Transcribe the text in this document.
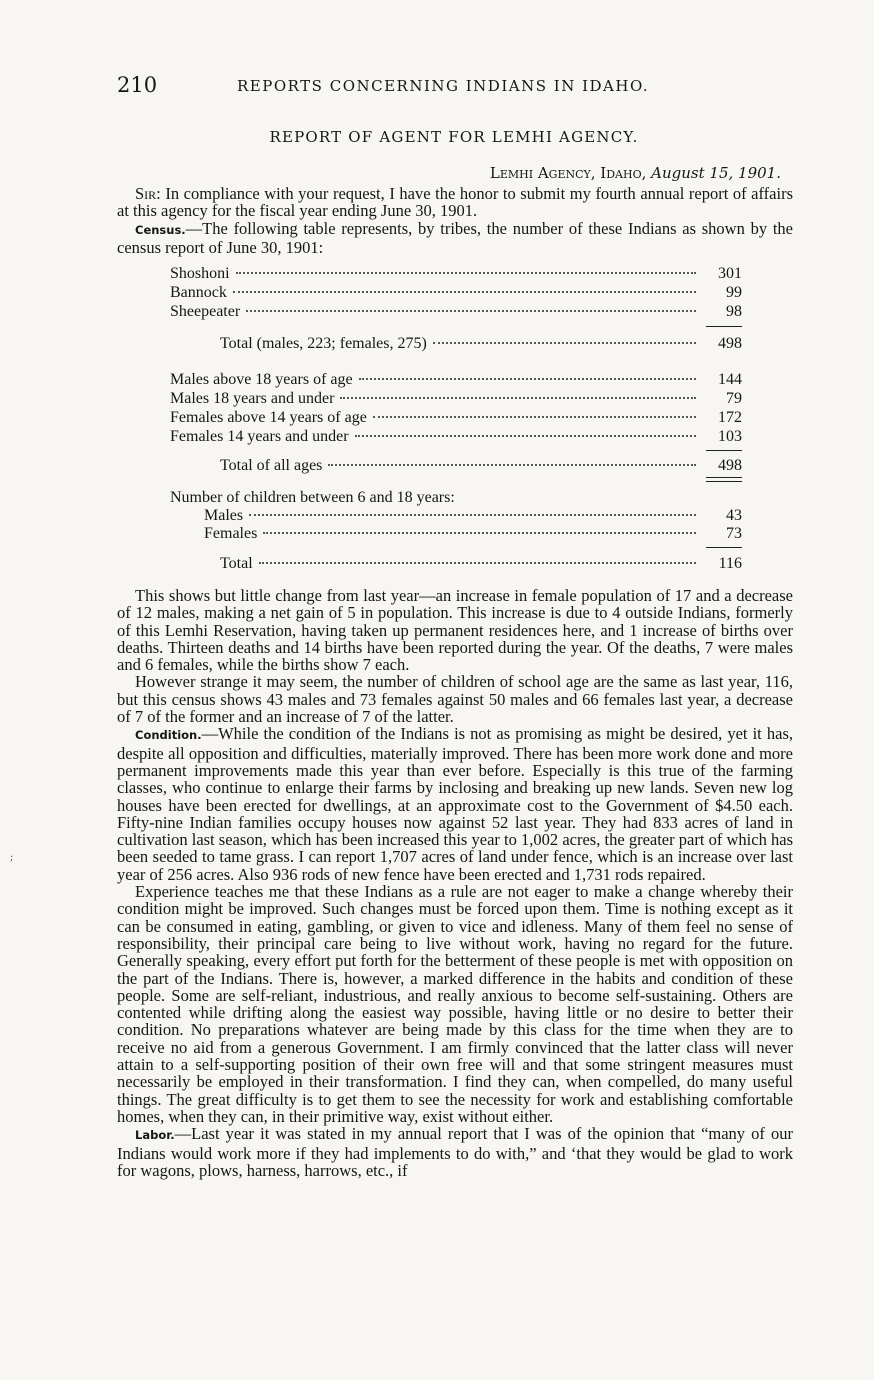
210	REPORTS CONCERNING INDIANS IN IDAHO.
REPORT OF AGENT FOR LEMHI AGENCY.
Lemhi Agency, Idaho, August 15, 1901.

Sir: In compliance with your request, I have the honor to submit my fourth annual report of affairs at this agency for the fiscal year ending June 30, 1901.

Census.—The following table represents, by tribes, the number of these Indians as shown by the census report of June 30, 1901:

Shoshoni	301
Bannock	99
Sheepeater	98
Total (males, 223; females, 275)	498
Males above 18 years of age	144
Males 18 years and under	79
Females above 14 years of age	172
Females 14 years and under	103
Total of all ages	498
Number of children between 6 and 18 years:
Males	43
Females	73
Total	116

This shows but little change from last year—an increase in female population of 17 and a decrease of 12 males, making a net gain of 5 in population. This increase is due to 4 outside Indians, formerly of this Lemhi Reservation, having taken up permanent residences here, and 1 increase of births over deaths. Thirteen deaths and 14 births have been reported during the year. Of the deaths, 7 were males and 6 females, while the births show 7 each.

However strange it may seem, the number of children of school age are the same as last year, 116, but this census shows 43 males and 73 females against 50 males and 66 females last year, a decrease of 7 of the former and an increase of 7 of the latter.

Condition.—While the condition of the Indians is not as promising as might be desired, yet it has, despite all opposition and difficulties, materially improved. There has been more work done and more permanent improvements made this year than ever before. Especially is this true of the farming classes, who continue to enlarge their farms by inclosing and breaking up new lands. Seven new log houses have been erected for dwellings, at an approximate cost to the Government of $4.50 each. Fifty-nine Indian families occupy houses now against 52 last year. They had 833 acres of land in cultivation last season, which has been increased this year to 1,002 acres, the greater part of which has been seeded to tame grass. I can report 1,707 acres of land under fence, which is an increase over last year of 256 acres. Also 936 rods of new fence have been erected and 1,731 rods repaired.

Experience teaches me that these Indians as a rule are not eager to make a change whereby their condition might be improved. Such changes must be forced upon them. Time is nothing except as it can be consumed in eating, gambling, or given to vice and idleness. Many of them feel no sense of responsibility, their principal care being to live without work, having no regard for the future. Generally speaking, every effort put forth for the betterment of these people is met with opposition on the part of the Indians. There is, however, a marked difference in the habits and condition of these people. Some are self-reliant, industrious, and really anxious to become self-sustaining. Others are contented while drifting along the easiest way possible, having little or no desire to better their condition. No preparations whatever are being made by this class for the time when they are to receive no aid from a generous Government. I am firmly convinced that the latter class will never attain to a self-supporting position of their own free will and that some stringent measures must necessarily be employed in their transformation. I find they can, when compelled, do many useful things. The great difficulty is to get them to see the necessity for work and establishing comfortable homes, when they can, in their primitive way, exist without either.

Labor.—Last year it was stated in my annual report that I was of the opinion that “many of our Indians would work more if they had implements to do with,” and ‘that they would be glad to work for wagons, plows, harness, harrows, etc., if

;
